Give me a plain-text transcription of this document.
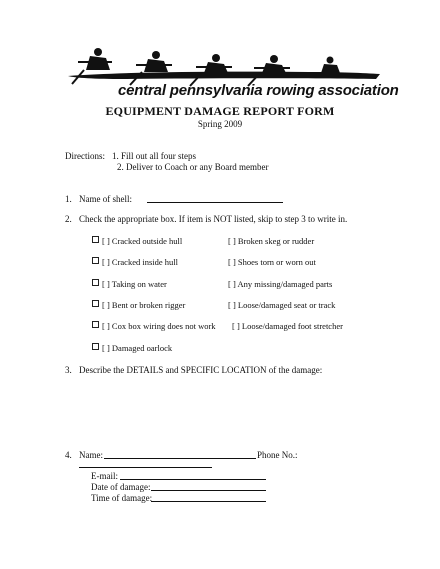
central pennsylvania rowing association
EQUIPMENT DAMAGE REPORT FORM
Spring 2009
Directions: 1. Fill out all four steps
2. Deliver to Coach or any Board member
1. Name of shell:
2. Check the appropriate box. If item is NOT listed, skip to step 3 to write in.
[ ] Cracked outside hull
[ ] Cracked inside hull
[ ] Taking on water
[ ] Bent or broken rigger
[ ] Cox box wiring does not work
[ ] Damaged oarlock
[ ] Broken skeg or rudder
[ ] Shoes torn or worn out
[ ] Any missing/damaged parts
[ ] Loose/damaged seat or track
[ ] Loose/damaged foot stretcher
3. Describe the DETAILS and SPECIFIC LOCATION of the damage:
4. Name:	Phone No.:
E-mail:
Date of damage:
Time of damage:
